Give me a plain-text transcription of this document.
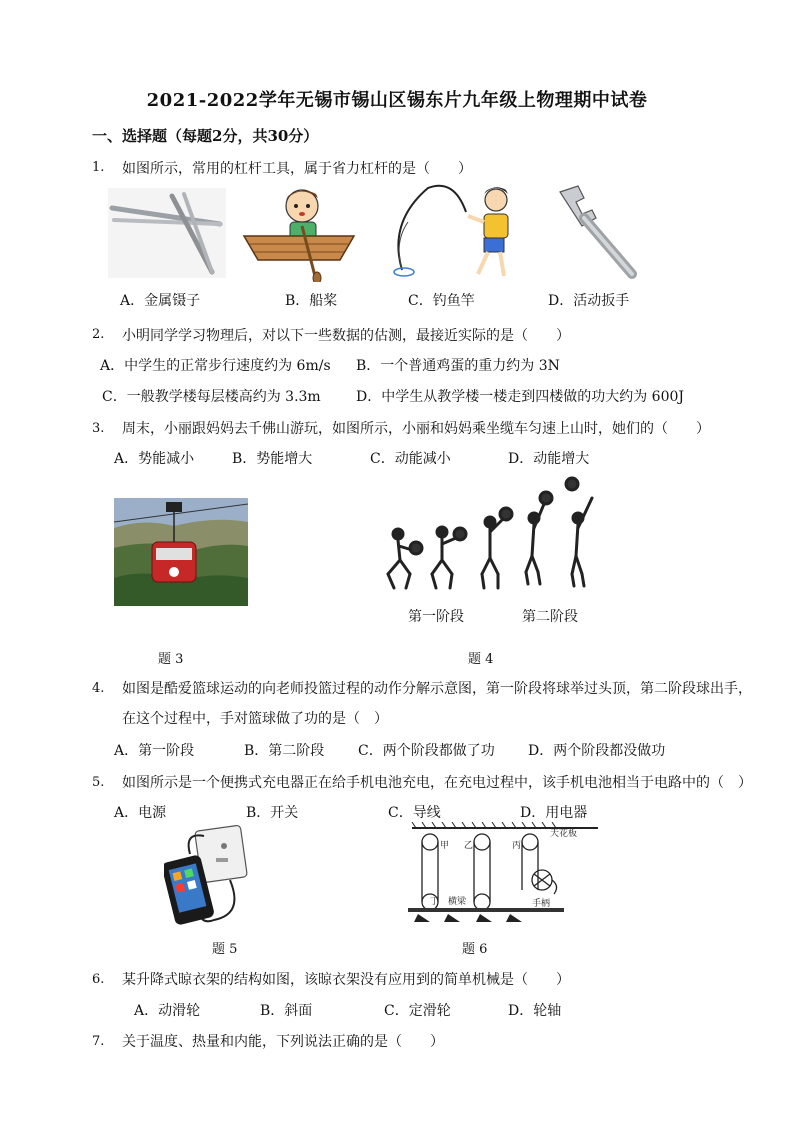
2021-2022学年无锡市锡山区锡东片九年级上物理期中试卷
一、选择题（每题2分，共30分）
1. 如图所示，常用的杠杆工具，属于省力杠杆的是（　　）
A．金属镊子	B．船桨	C．钓鱼竿	D．活动扳手
2. 小明同学学习物理后，对以下一些数据的估测，最接近实际的是（　　）
A．中学生的正常步行速度约为 6m/s B．一个普通鸡蛋的重力约为 3N
C．一般教学楼每层楼高约为 3.3m	D．中学生从教学楼一楼走到四楼做的功大约为 600J
3. 周末，小丽跟妈妈去千佛山游玩，如图所示，小丽和妈妈乘坐缆车匀速上山时，她们的（　　）
A．势能减小	B．势能增大	C．动能减小	D．动能增大
题 3
第一阶段	第二阶段
题 4
4. 如图是酷爱篮球运动的向老师投篮过程的动作分解示意图，第一阶段将球举过头顶，第二阶段球出手，
在这个过程中，手对篮球做了功的是（　）
A．第一阶段	B．第二阶段 C．两个阶段都做了功 D．两个阶段都没做功
5. 如图所示是一个便携式充电器正在给手机电池充电，在充电过程中，该手机电池相当于电路中的（　）
A．电源	B．开关	C．导线	D．用电器
题 5
天花板
甲 乙	丙
丁 横梁	手柄
题 6
6. 某升降式晾衣架的结构如图，该晾衣架没有应用到的简单机械是（　　）
A．动滑轮	B．斜面	C．定滑轮	D．轮轴
7. 关于温度、热量和内能，下列说法正确的是（　　）
